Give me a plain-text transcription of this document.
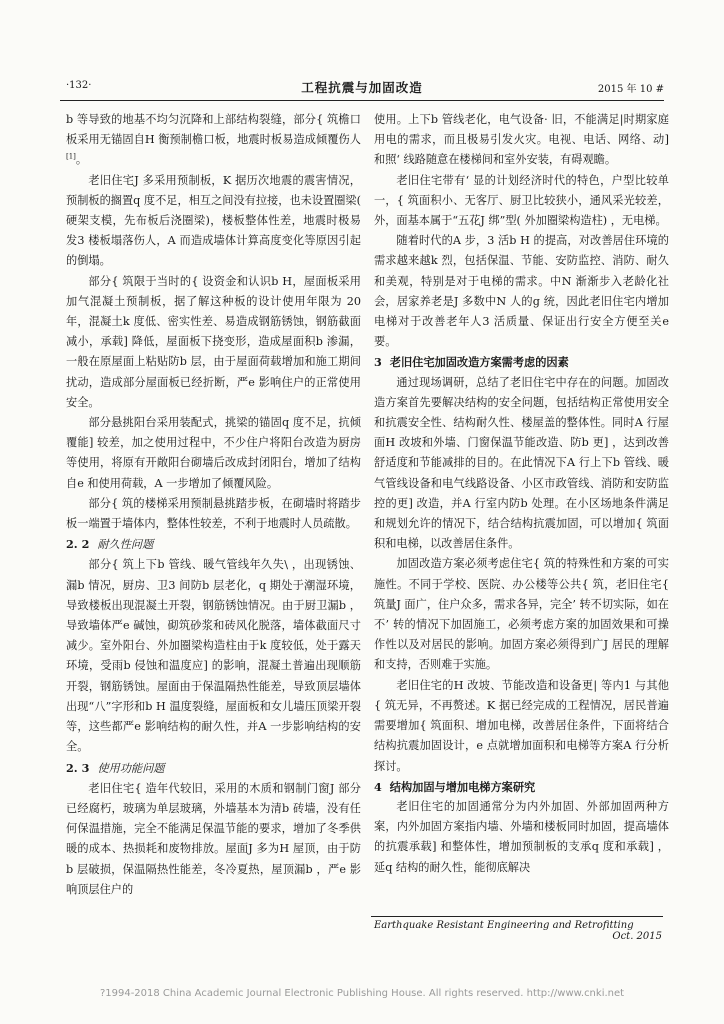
·132·	工程抗震与加固改造	2015 年 10 #

b 等导致的地基不均匀沉降和上部结构裂缝，部分{ 筑檐口板采用无锚固自H 衡预制檐口板，地震时板易造成倾覆伤人[1]。

老旧住宅J 多采用预制板，K 据历次地震的震害情况，预制板的搁置q 度不足，相互之间没有拉接，也未设置圈梁( 硬架支模，先布板后浇圈梁)，楼板整体性差，地震时极易发3 楼板塌落伤人，A 而造成墙体计算高度变化等原因引起的倒塌。

部分{ 筑限于当时的{ 设资金和认识b H，屋面板采用加气混凝土预制板，据了解这种板的设计使用年限为 20 年，混凝土k 度低、密实性差、易造成钢筋锈蚀，钢筋截面减小，承载] 降低，屋面板下挠变形，造成屋面积b 渗漏，一般在原屋面上粘贴防b 层，由于屋面荷载增加和施工期间扰动，造成部分屋面板已经折断，严e 影响住户的正常使用安全。

部分悬挑阳台采用装配式，挑梁的锚固q 度不足，抗倾覆能] 较差，加之使用过程中，不少住户将阳台改造为厨房等使用，将原有开敞阳台砌墙后改成封闭阳台，增加了结构自e 和使用荷载，A 一步增加了倾覆风险。

部分{ 筑的楼梯采用预制悬挑踏步板，在砌墙时将踏步板一端置于墙体内，整体性较差，不利于地震时人员疏散。

2. 2 耐久性问题

部分{ 筑上下b 管线、暖气管线年久失\ ，出现锈蚀、漏b 情况，厨房、卫3 间防b 层老化，q 期处于潮湿环境，导致楼板出现混凝土开裂，钢筋锈蚀情况。由于厨卫漏b ，导致墙体严e 碱蚀，砌筑砂浆和砖风化脱落，墙体截面尺寸减少。室外阳台、外加圈梁构造柱由于k 度较低，处于露天环境，受雨b 侵蚀和温度应] 的影响，混凝土普遍出现顺筋开裂，钢筋锈蚀。屋面由于保温隔热性能差，导致顶层墙体出现“八”字形和b H 温度裂缝，屋面板和女儿墙压顶梁开裂等，这些都严e 影响结构的耐久性，并A 一步影响结构的安全。

2. 3 使用功能问题

老旧住宅{ 造年代较旧，采用的木质和钢制门窗J 部分已经腐朽，玻璃为单层玻璃，外墙基本为清b 砖墙，没有任何保温措施，完全不能满足保温节能的要求，增加了冬季供暖的成本、热损耗和废物排放。屋面J 多为H 屋顶，由于防b 层破损，保温隔热性能差，冬冷夏热，屋顶漏b ，严e 影响顶层住户的

使用。上下b 管线老化，电气设备· 旧，不能满足|时期家庭用电的需求，而且极易引发火灾。电视、电话、网络、动] 和照‘ 线路随意在楼梯间和室外安装，有碍观瞻。

老旧住宅带有‘ 显的计划经济时代的特色，户型比较单一，{ 筑面积小、无客厅、厨卫比较狭小，通风采光较差，外，面基本属于“五花J 绑”型( 外加圈梁构造柱) ，无电梯。

随着时代的A 步，3 活b H 的提高，对改善居住环境的需求越来越k 烈，包括保温、节能、安防监控、消防、耐久和美观，特别是对于电梯的需求。中N 渐渐步入老龄化社会，居家养老是J 多数中N 人的g 统，因此老旧住宅内增加电梯对于改善老年人3 活质量、保证出行安全方便至关e 要。

3 老旧住宅加固改造方案需考虑的因素

通过现场调研，总结了老旧住宅中存在的问题。加固改造方案首先要解决结构的安全问题，包括结构正常使用安全和抗震安全性、结构耐久性、楼屋盖的整体性。同时A 行屋面H 改坡和外墙、门窗保温节能改造、防b 更] ，达到改善舒适度和节能减排的目的。在此情况下A 行上下b 管线、暖气管线设备和电气线路设备、小区市政管线、消防和安防监控的更] 改造，并A 行室内防b 处理。在小区场地条件满足和规划允许的情况下，结合结构抗震加固，可以增加{ 筑面积和电梯，以改善居住条件。

加固改造方案必须考虑住宅{ 筑的特殊性和方案的可实施性。不同于学校、医院、办公楼等公共{ 筑，老旧住宅{ 筑量J 面广，住户众多，需求各异，完全’ 转不切实际，如在不’ 转的情况下加固施工，必须考虑方案的加固效果和可操作性以及对居民的影响。加固方案必须得到广J 居民的理解和支持，否则难于实施。

老旧住宅的H 改坡、节能改造和设备更| 等内1 与其他{ 筑无异，不再赘述。K 据已经完成的工程情况，居民普遍需要增加{ 筑面积、增加电梯，改善居住条件，下面将结合结构抗震加固设计，e 点就增加面积和电梯等方案A 行分析探讨。

4 结构加固与增加电梯方案研究

老旧住宅的加固通常分为内外加固、外部加固两种方案，内外加固方案指内墙、外墙和楼板同时加固，提高墙体的抗震承载] 和整体性，增加预制板的支承q 度和承载] ，延q 结构的耐久性，能彻底解决

Earthquake Resistant Engineering and Retrofitting
Oct. 2015
?1994-2018 China Academic Journal Electronic Publishing House. All rights reserved. http://www.cnki.net
